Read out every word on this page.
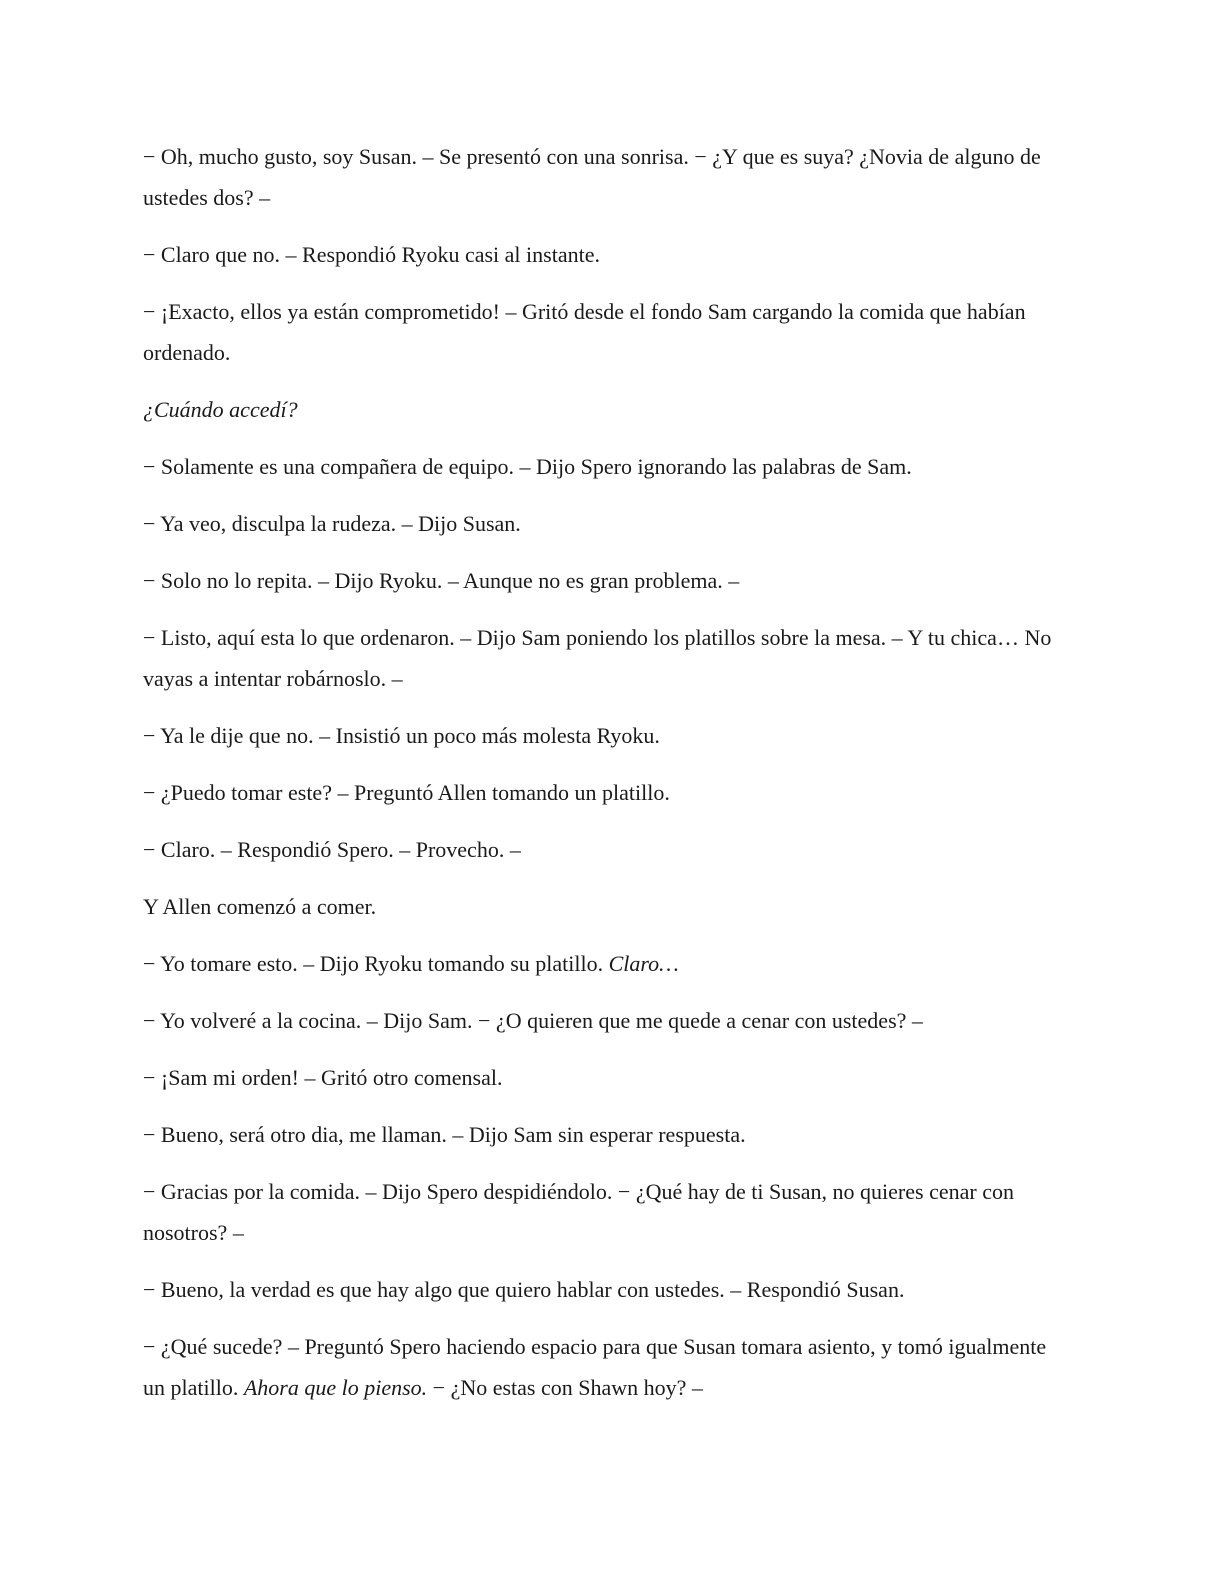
− Oh, mucho gusto, soy Susan. – Se presentó con una sonrisa. − ¿Y que es suya? ¿Novia de alguno de ustedes dos? –

− Claro que no. – Respondió Ryoku casi al instante.

− ¡Exacto, ellos ya están comprometido! – Gritó desde el fondo Sam cargando la comida que habían ordenado.

¿Cuándo accedí?

− Solamente es una compañera de equipo. – Dijo Spero ignorando las palabras de Sam.

− Ya veo, disculpa la rudeza. – Dijo Susan.

− Solo no lo repita. – Dijo Ryoku. – Aunque no es gran problema. –

− Listo, aquí esta lo que ordenaron. – Dijo Sam poniendo los platillos sobre la mesa. – Y tu chica… No vayas a intentar robárnoslo. –

− Ya le dije que no. – Insistió un poco más molesta Ryoku.

− ¿Puedo tomar este? – Preguntó Allen tomando un platillo.

− Claro. – Respondió Spero. – Provecho. –

Y Allen comenzó a comer.

− Yo tomare esto. – Dijo Ryoku tomando su platillo. Claro…

− Yo volveré a la cocina. – Dijo Sam. − ¿O quieren que me quede a cenar con ustedes? –

− ¡Sam mi orden! – Gritó otro comensal.

− Bueno, será otro dia, me llaman. – Dijo Sam sin esperar respuesta.

− Gracias por la comida. – Dijo Spero despidiéndolo. − ¿Qué hay de ti Susan, no quieres cenar con nosotros? –

− Bueno, la verdad es que hay algo que quiero hablar con ustedes. – Respondió Susan.

− ¿Qué sucede? – Preguntó Spero haciendo espacio para que Susan tomara asiento, y tomó igualmente un platillo. Ahora que lo pienso. − ¿No estas con Shawn hoy? –
